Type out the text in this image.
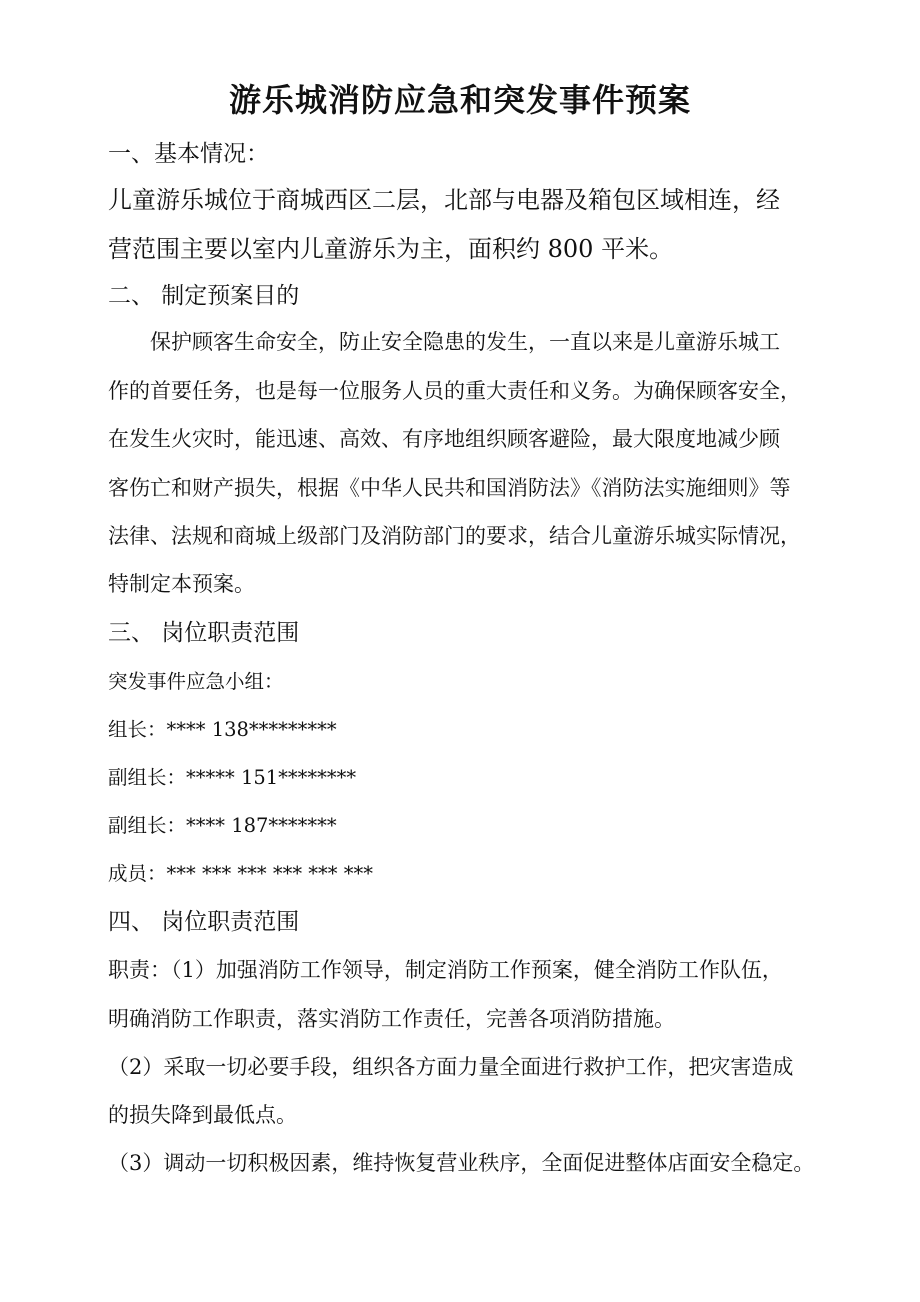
游乐城消防应急和突发事件预案
一、基本情况：
儿童游乐城位于商城西区二层，北部与电器及箱包区域相连，经
营范围主要以室内儿童游乐为主，面积约 800 平米。
二、 制定预案目的
保护顾客生命安全，防止安全隐患的发生，一直以来是儿童游乐城工
作的首要任务，也是每一位服务人员的重大责任和义务。为确保顾客安全，
在发生火灾时，能迅速、高效、有序地组织顾客避险，最大限度地减少顾
客伤亡和财产损失，根据《中华人民共和国消防法》《消防法实施细则》等
法律、法规和商城上级部门及消防部门的要求，结合儿童游乐城实际情况，
特制定本预案。
三、 岗位职责范围
突发事件应急小组：
组长：**** 138*********
副组长：***** 151********
副组长：**** 187*******
成员：*** *** *** *** *** ***
四、 岗位职责范围
职责：（1）加强消防工作领导，制定消防工作预案，健全消防工作队伍，
明确消防工作职责，落实消防工作责任，完善各项消防措施。
（2）采取一切必要手段，组织各方面力量全面进行救护工作，把灾害造成
的损失降到最低点。
（3）调动一切积极因素，维持恢复营业秩序，全面促进整体店面安全稳定。
